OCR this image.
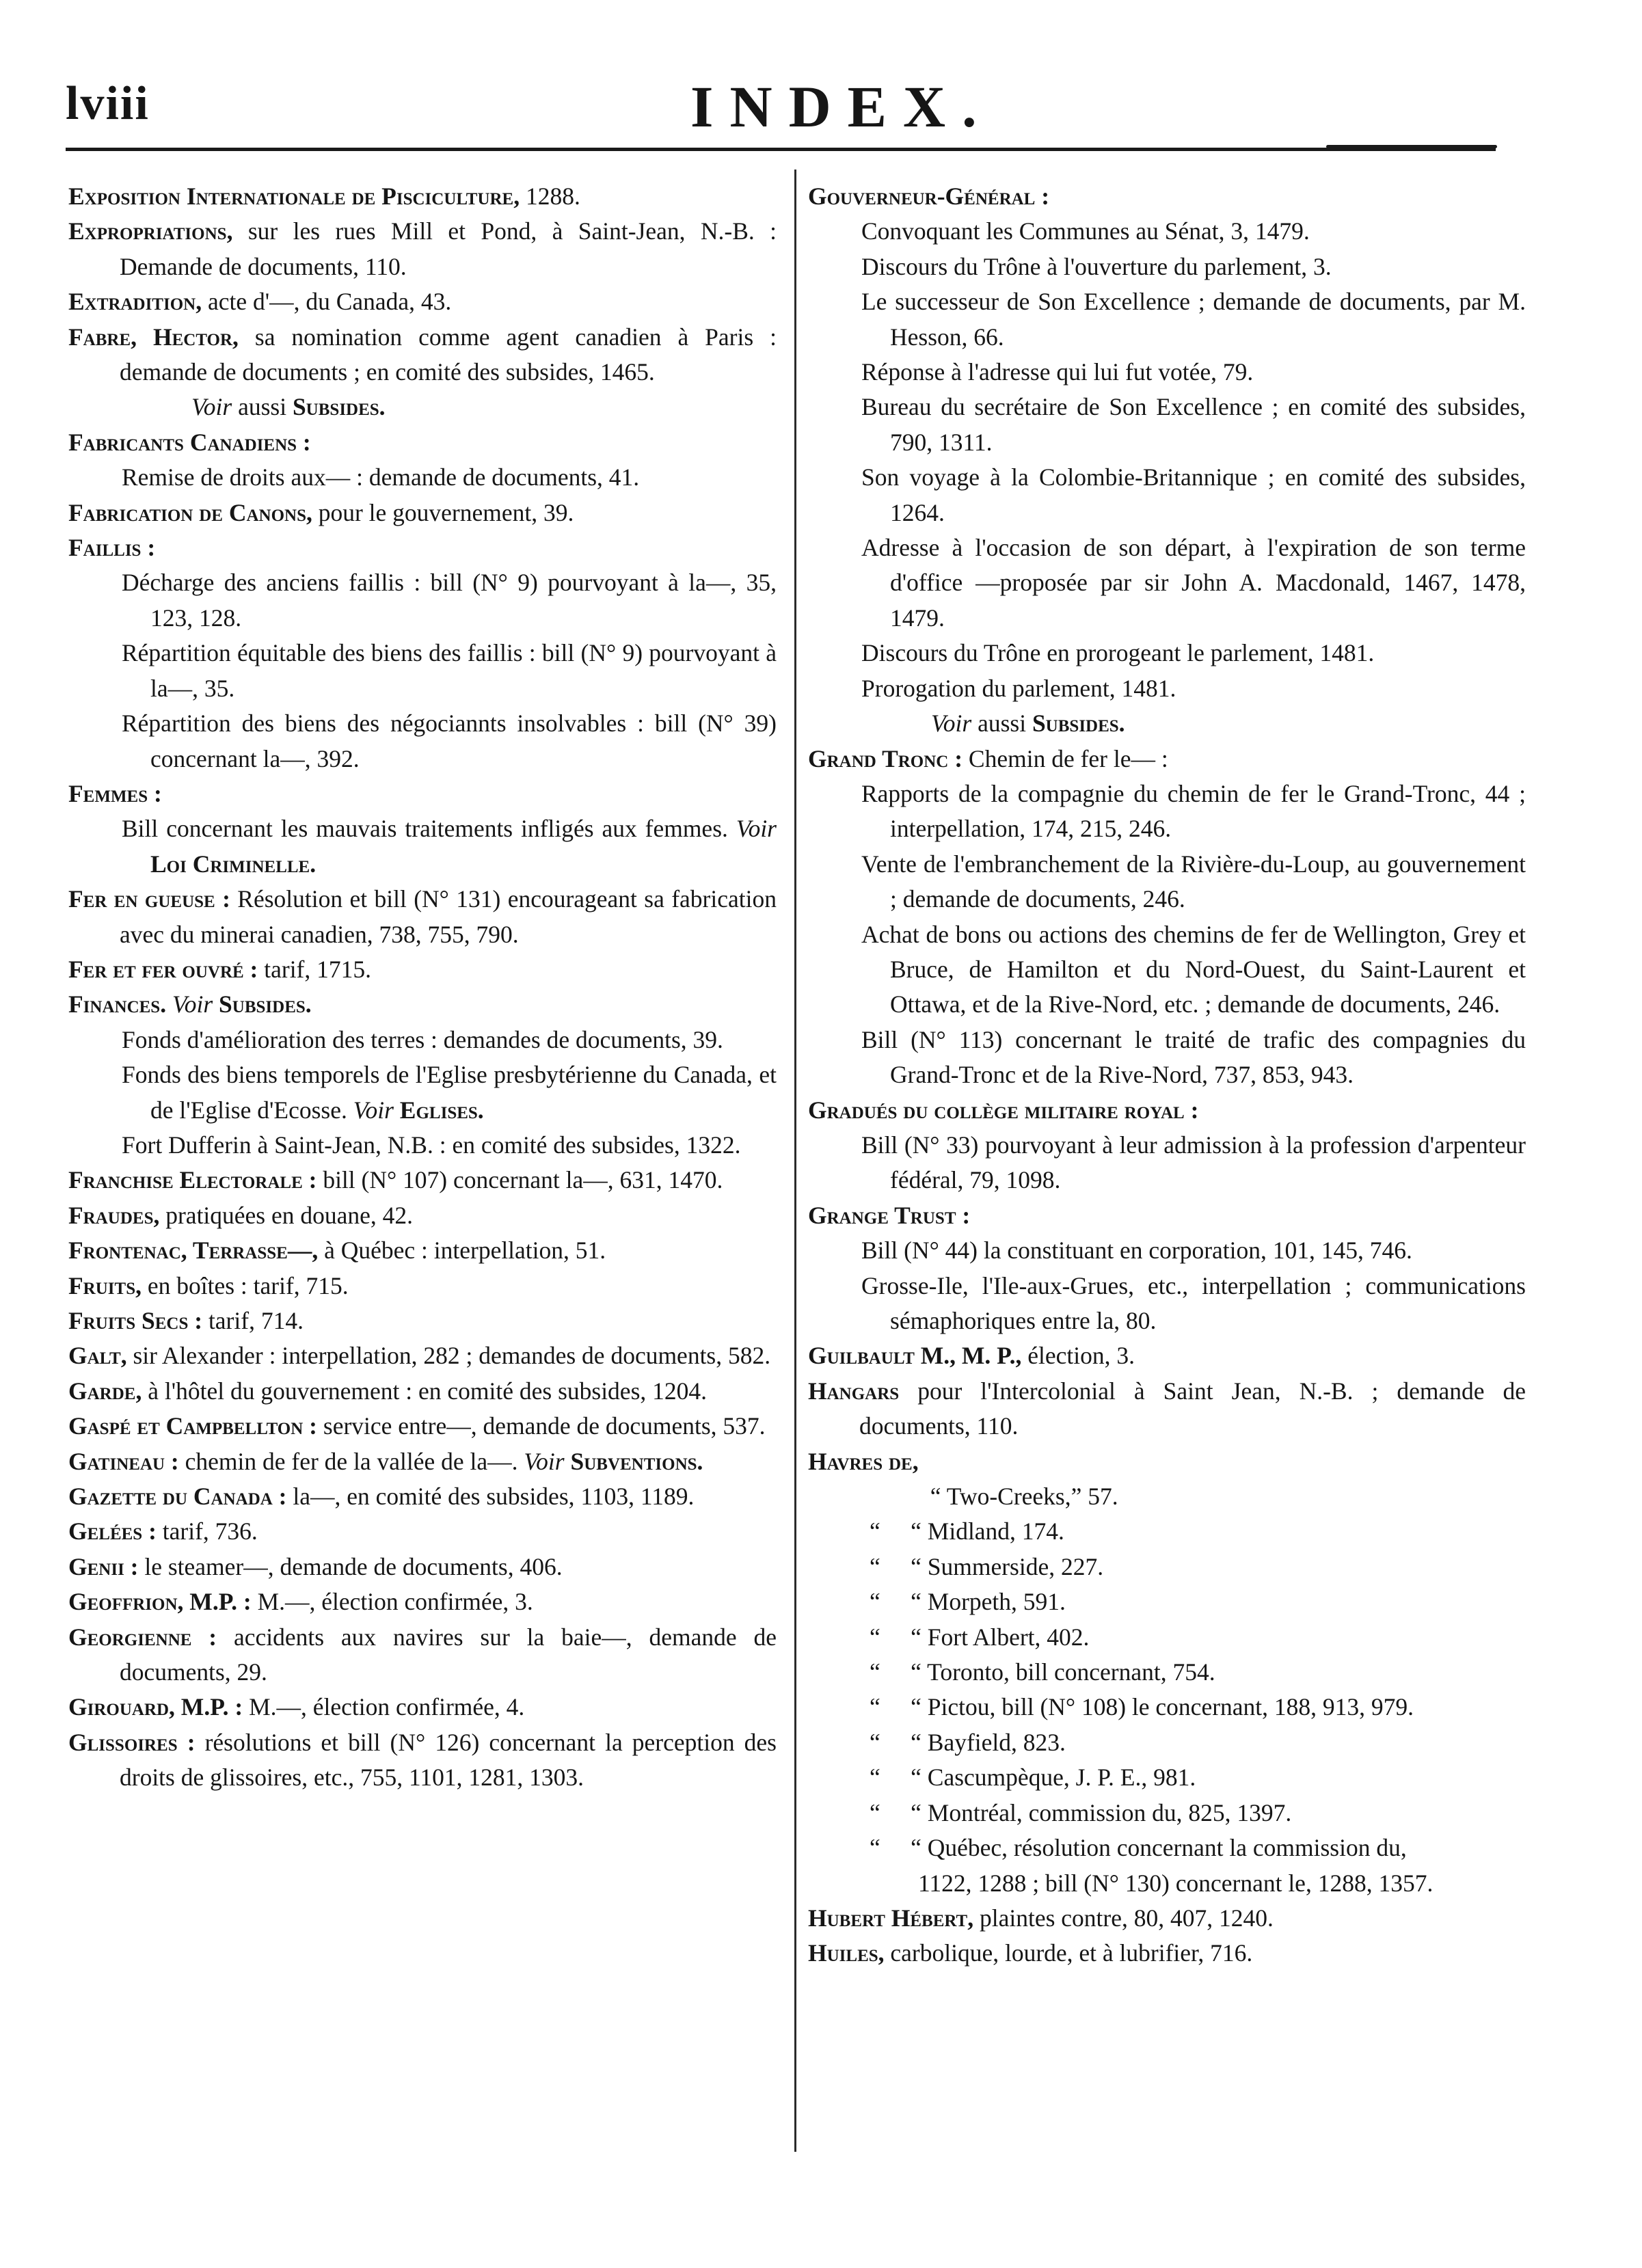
lviii	INDEX.
Exposition Internationale de Pisciculture, 1288.
Expropriations, sur les rues Mill et Pond, à Saint-Jean, N.-B. : Demande de documents, 110.
Extradition, acte d'—, du Canada, 43.
Fabre, Hector, sa nomination comme agent canadien à Paris : demande de documents ; en comité des subsides, 1465.
Voir aussi Subsides.
Fabricants Canadiens :
Remise de droits aux— : demande de documents, 41.
Fabrication de Canons, pour le gouvernement, 39.
Faillis :
Décharge des anciens faillis : bill (N° 9) pourvoyant à la—, 35, 123, 128.
Répartition équitable des biens des faillis : bill (N° 9) pourvoyant à la—, 35.
Répartition des biens des négociannts insolvables : bill (N° 39) concernant la—, 392.
Femmes :
Bill concernant les mauvais traitements infligés aux femmes. Voir Loi Criminelle.
Fer en gueuse : Résolution et bill (N° 131) encourageant sa fabrication avec du minerai canadien, 738, 755, 790.
Fer et fer ouvré : tarif, 1715.
Finances. Voir Subsides.
Fonds d'amélioration des terres : demandes de documents, 39.
Fonds des biens temporels de l'Eglise presbytérienne du Canada, et de l'Eglise d'Ecosse. Voir Eglises.
Fort Dufferin à Saint-Jean, N.B. : en comité des subsides, 1322.
Franchise Electorale : bill (N° 107) concernant la—, 631, 1470.
Fraudes, pratiquées en douane, 42.
Frontenac, Terrasse—, à Québec : interpellation, 51.
Fruits, en boîtes : tarif, 715.
Fruits Secs : tarif, 714.
Galt, sir Alexander : interpellation, 282 ; demandes de documents, 582.
Garde, à l'hôtel du gouvernement : en comité des subsides, 1204.
Gaspé et Campbellton : service entre—, demande de documents, 537.
Gatineau : chemin de fer de la vallée de la—. Voir Subventions.
Gazette du Canada : la—, en comité des subsides, 1103, 1189.
Gelées : tarif, 736.
Genii : le steamer—, demande de documents, 406.
Geoffrion, M.P. : M.—, élection confirmée, 3.
Georgienne : accidents aux navires sur la baie—, demande de documents, 29.
Girouard, M.P. : M.—, élection confirmée, 4.
Glissoires : résolutions et bill (N° 126) concernant la perception des droits de glissoires, etc., 755, 1101, 1281, 1303.
Gouverneur-Général :
Convoquant les Communes au Sénat, 3, 1479.
Discours du Trône à l'ouverture du parlement, 3.
Le successeur de Son Excellence ; demande de documents, par M. Hesson, 66.
Réponse à l'adresse qui lui fut votée, 79.
Bureau du secrétaire de Son Excellence ; en comité des subsides, 790, 1311.
Son voyage à la Colombie-Britannique ; en comité des subsides, 1264.
Adresse à l'occasion de son départ, à l'expiration de son terme d'office —proposée par sir John A. Macdonald, 1467, 1478, 1479.
Discours du Trône en prorogeant le parlement, 1481.
Prorogation du parlement, 1481.
Voir aussi Subsides.
Grand Tronc : Chemin de fer le— :
Rapports de la compagnie du chemin de fer le Grand-Tronc, 44 ; interpellation, 174, 215, 246.
Vente de l'embranchement de la Rivière-du-Loup, au gouvernement ; demande de documents, 246.
Achat de bons ou actions des chemins de fer de Wellington, Grey et Bruce, de Hamilton et du Nord-Ouest, du Saint-Laurent et Ottawa, et de la Rive-Nord, etc. ; demande de documents, 246.
Bill (N° 113) concernant le traité de trafic des compagnies du Grand-Tronc et de la Rive-Nord, 737, 853, 943.
Gradués du collège militaire royal :
Bill (N° 33) pourvoyant à leur admission à la profession d'arpenteur fédéral, 79, 1098.
Grange Trust :
Bill (N° 44) la constituant en corporation, 101, 145, 746.
Grosse-Ile, l'Ile-aux-Grues, etc., interpellation ; communications sémaphoriques entre la, 80.
Guilbault M., M. P., élection, 3.
Hangars pour l'Intercolonial à Saint Jean, N.-B. ; demande de documents, 110.
Havres de,
“ Two-Creeks,” 57.
“     “ Midland, 174.
“     “ Summerside, 227.
“     “ Morpeth, 591.
“     “ Fort Albert, 402.
“     “ Toronto, bill concernant, 754.
“     “ Pictou, bill (N° 108) le concernant, 188, 913, 979.
“     “ Bayfield, 823.
“     “ Cascumpèque, J. P. E., 981.
“     “ Montréal, commission du, 825, 1397.
“     “ Québec, résolution concernant la commission du,
1122, 1288 ; bill (N° 130) concernant le, 1288, 1357.
Hubert Hébert, plaintes contre, 80, 407, 1240.
Huiles, carbolique, lourde, et à lubrifier, 716.
